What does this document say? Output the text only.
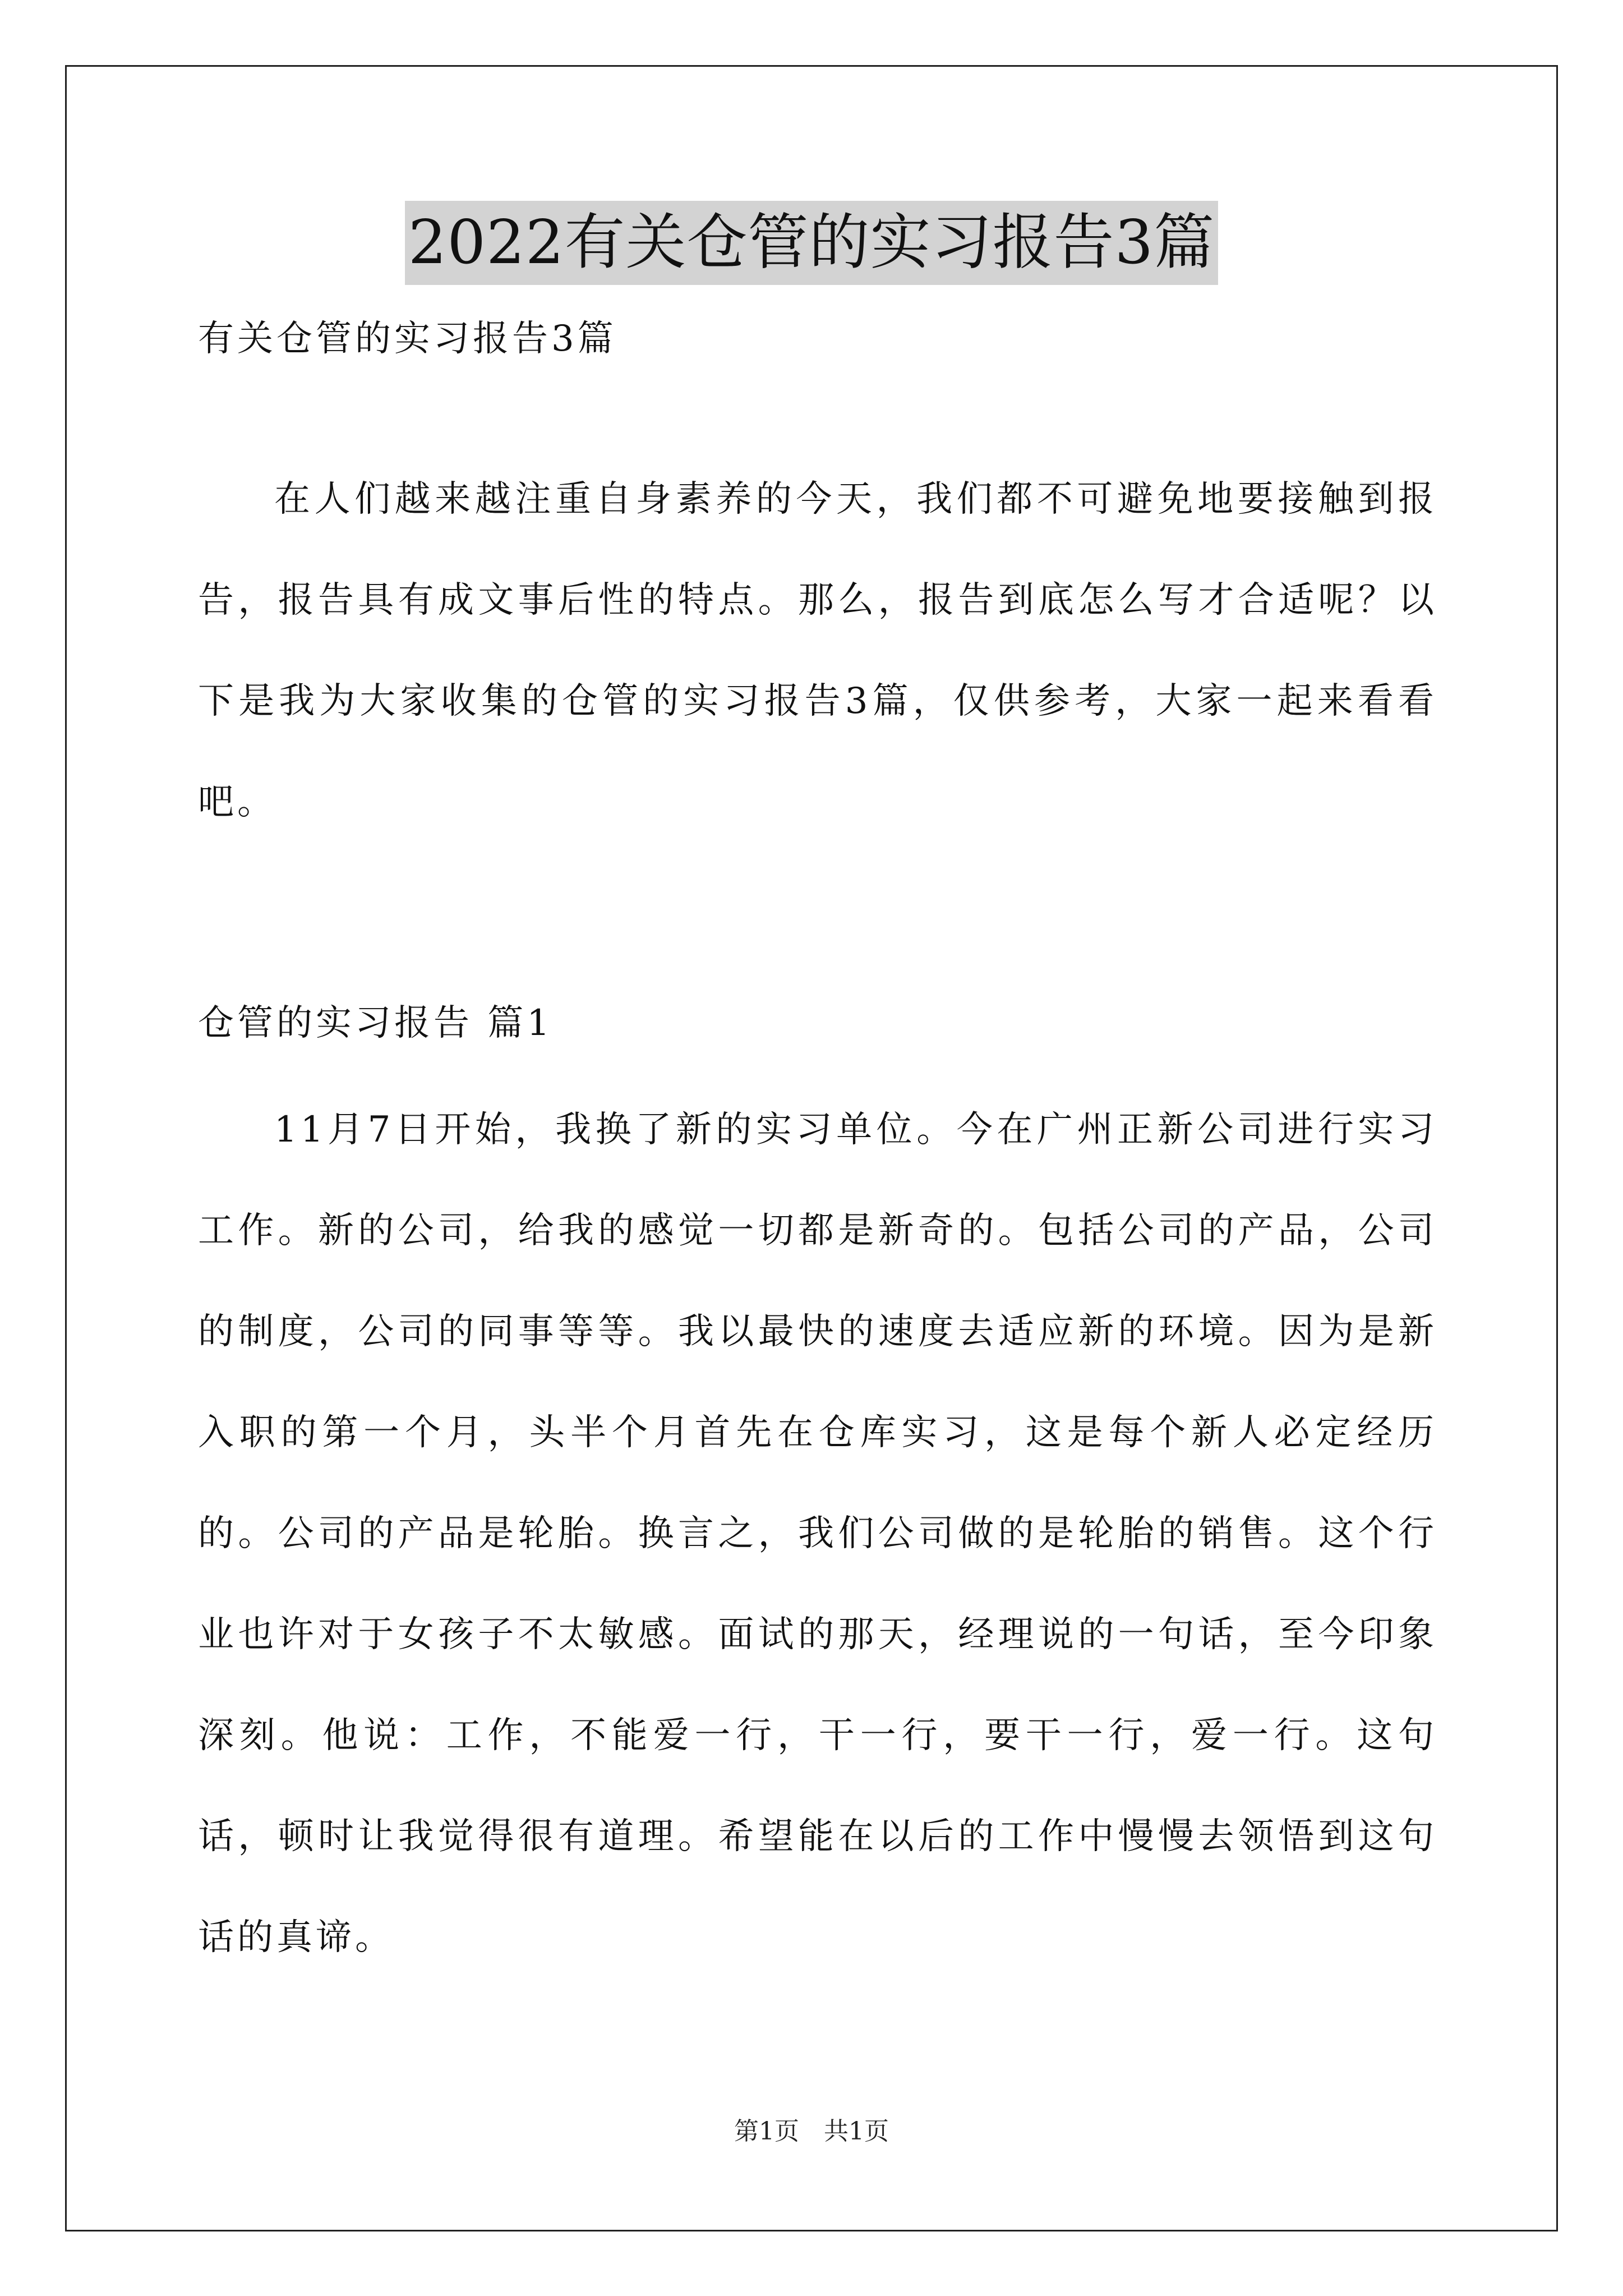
2022有关仓管的实习报告3篇
有关仓管的实习报告3篇
在人们越来越注重自身素养的今天，我们都不可避免地要接触到报告，报告具有成文事后性的特点。那么，报告到底怎么写才合适呢？以下是我为大家收集的仓管的实习报告3篇，仅供参考，大家一起来看看吧。
仓管的实习报告 篇1
11月7日开始，我换了新的实习单位。今在广州正新公司进行实习工作。新的公司，给我的感觉一切都是新奇的。包括公司的产品，公司的制度，公司的同事等等。我以最快的速度去适应新的环境。因为是新入职的第一个月，头半个月首先在仓库实习，这是每个新人必定经历的。公司的产品是轮胎。换言之，我们公司做的是轮胎的销售。这个行业也许对于女孩子不太敏感。面试的那天，经理说的一句话，至今印象深刻。他说：工作，不能爱一行，干一行，要干一行，爱一行。这句话，顿时让我觉得很有道理。希望能在以后的工作中慢慢去领悟到这句话的真谛。
第1页　共1页
